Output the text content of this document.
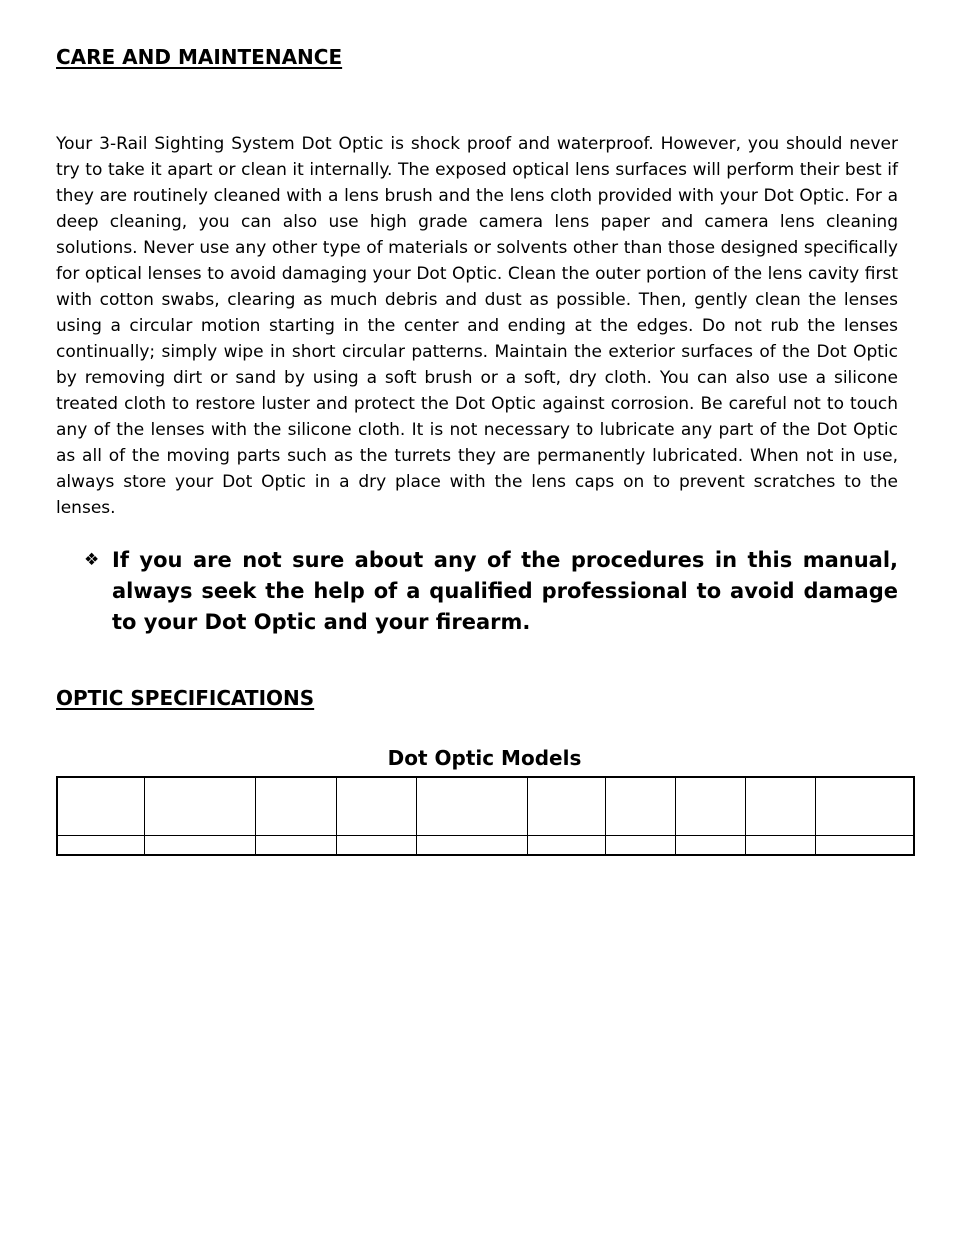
CARE AND MAINTENANCE

Your 3-Rail Sighting System Dot Optic is shock proof and waterproof. However, you should never try to take it apart or clean it internally. The exposed optical lens surfaces will perform their best if they are routinely cleaned with a lens brush and the lens cloth provided with your Dot Optic. For a deep cleaning, you can also use high grade camera lens paper and camera lens cleaning solutions. Never use any other type of materials or solvents other than those designed specifically for optical lenses to avoid damaging your Dot Optic. Clean the outer portion of the lens cavity first with cotton swabs, clearing as much debris and dust as possible. Then, gently clean the lenses using a circular motion starting in the center and ending at the edges. Do not rub the lenses continually; simply wipe in short circular patterns. Maintain the exterior surfaces of the Dot Optic by removing dirt or sand by using a soft brush or a soft, dry cloth. You can also use a silicone treated cloth to restore luster and protect the Dot Optic against corrosion. Be careful not to touch any of the lenses with the silicone cloth. It is not necessary to lubricate any part of the Dot Optic as all of the moving parts such as the turrets they are permanently lubricated. When not in use, always store your Dot Optic in a dry place with the lens caps on to prevent scratches to the lenses.

❖ If you are not sure about any of the procedures in this manual, always seek the help of a qualified professional to avoid damage to your Dot Optic and your firearm.

OPTIC SPECIFICATIONS

Dot Optic Models
